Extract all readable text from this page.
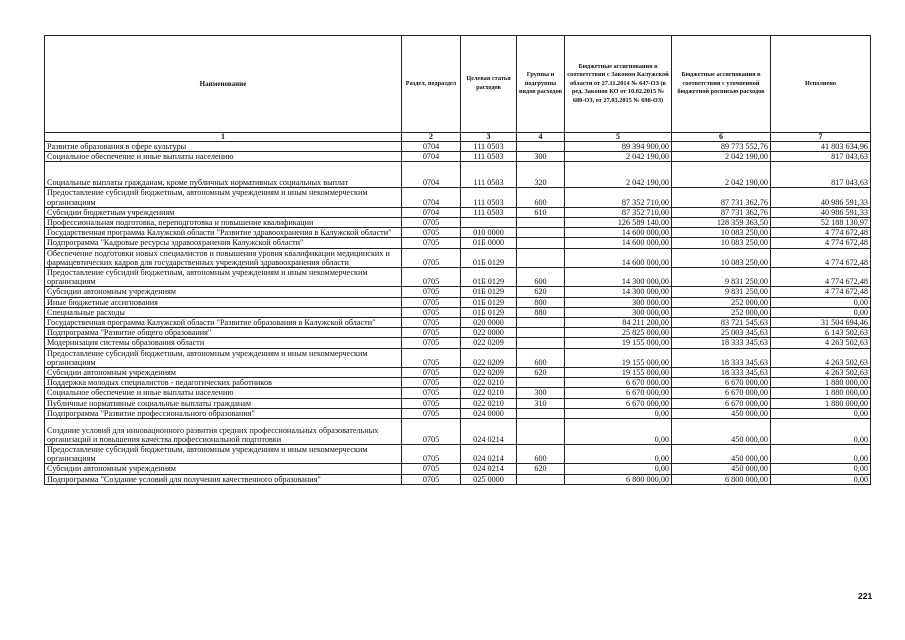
Наименование	Раздел, подраздел	Целевая статья расходов	Группы и подгруппы видов расходов	Бюджетные ассигнования в соответствии с Законом Калужской области от 27.11.2014 № 647-ОЗ (в ред. Законов КО от 10.02.2015 № 680-ОЗ, от 27.03.2015 № 698-ОЗ)	Бюджетные ассигнования в соответствии с уточненной бюджетной росписью расходов	Исполнено
1	2	3	4	5	6	7
Развитие образования в сфере культуры	0704	111 0503		89 394 900,00	89 773 552,76	41 803 634,96
Социальное обеспечение и иные выплаты населению	0704	111 0503	300	2 042 190,00	2 042 190,00	817 043,63
Социальные выплаты гражданам, кроме публичных нормативных социальных выплат	0704	111 0503	320	2 042 190,00	2 042 190,00	817 043,63
Предоставление субсидий бюджетным, автономным учреждениям и иным некоммерческим организациям	0704	111 0503	600	87 352 710,00	87 731 362,76	40 986 591,33
Субсидии бюджетным учреждениям	0704	111 0503	610	87 352 710,00	87 731 362,76	40 986 591,33
Профессиональная подготовка, переподготовка и повышение квалификации	0705			126 589 140,00	128 359 363,50	52 188 130,97
Государственная программа Калужской области "Развитие здравоохранения в Калужской области"	0705	010 0000		14 600 000,00	10 083 250,00	4 774 672,48
Подпрограмма "Кадровые ресурсы здравоохранения Калужской области"	0705	01Б 0000		14 600 000,00	10 083 250,00	4 774 672,48
Обеспечение подготовки новых специалистов и повышения уровня квалификации медицинских и фармацевтических кадров для государственных учреждений здравоохранения области	0705	01Б 0129		14 600 000,00	10 083 250,00	4 774 672,48
Предоставление субсидий бюджетным, автономным учреждениям и иным некоммерческим организациям	0705	01Б 0129	600	14 300 000,00	9 831 250,00	4 774 672,48
Субсидии автономным учреждениям	0705	01Б 0129	620	14 300 000,00	9 831 250,00	4 774 672,48
Иные бюджетные ассигнования	0705	01Б 0129	800	300 000,00	252 000,00	0,00
Специальные расходы	0705	01Б 0129	880	300 000,00	252 000,00	0,00
Государственная программа Калужской области "Развитие образования в Калужской области"	0705	020 0000		84 211 200,00	83 721 545,63	31 504 694,46
Подпрограмма "Развитие общего образования"	0705	022 0000		25 825 000,00	25 003 345,63	6 143 502,63
Модернизация системы образования области	0705	022 0209		19 155 000,00	18 333 345,63	4 263 502,63
Предоставление субсидий бюджетным, автономным учреждениям и иным некоммерческим организациям	0705	022 0209	600	19 155 000,00	18 333 345,63	4 263 502,63
Субсидии автономным учреждениям	0705	022 0209	620	19 155 000,00	18 333 345,63	4 263 502,63
Поддержка молодых специалистов - педагогических работников	0705	022 0210		6 670 000,00	6 670 000,00	1 880 000,00
Социальное обеспечение и иные выплаты населению	0705	022 0210	300	6 670 000,00	6 670 000,00	1 880 000,00
Публичные нормативные социальные выплаты гражданам	0705	022 0210	310	6 670 000,00	6 670 000,00	1 880 000,00
Подпрограмма "Развитие профессионального образования"	0705	024 0000		0,00	450 000,00	0,00
Создание условий для инновационного развития средних профессиональных образовательных организаций и повышения качества профессиональной подготовки	0705	024 0214		0,00	450 000,00	0,00
Предоставление субсидий бюджетным, автономным учреждениям и иным некоммерческим организациям	0705	024 0214	600	0,00	450 000,00	0,00
Субсидии автономным учреждениям	0705	024 0214	620	0,00	450 000,00	0,00
Подпрограмма "Создание условий для получения качественного образования"	0705	025 0000		6 800 000,00	6 800 000,00	0,00
221
